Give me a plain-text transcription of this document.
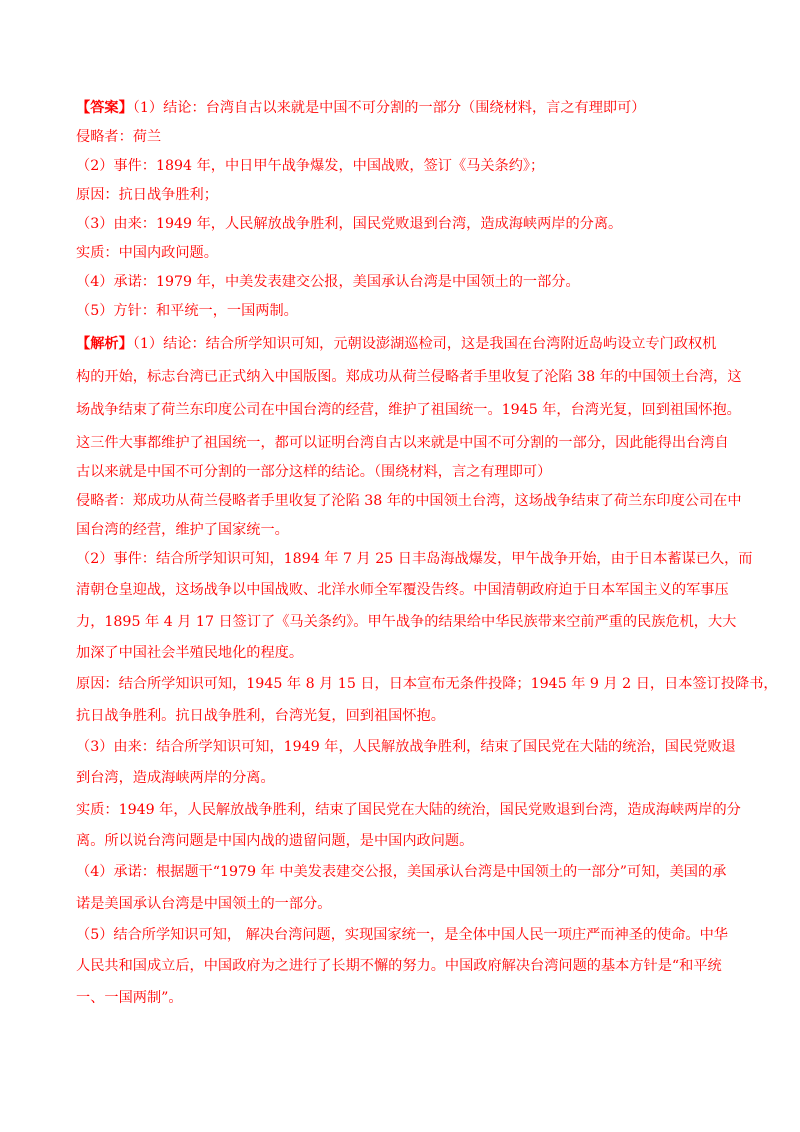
【答案】（1）结论：台湾自古以来就是中国不可分割的一部分（围绕材料，言之有理即可）
侵略者：荷兰
（2）事件：1894 年，中日甲午战争爆发，中国战败，签订《马关条约》；
原因：抗日战争胜利；
（3）由来：1949 年，人民解放战争胜利，国民党败退到台湾，造成海峡两岸的分离。
实质：中国内政问题。
（4）承诺：1979 年，中美发表建交公报，美国承认台湾是中国领土的一部分。
（5）方针：和平统一，一国两制。
【解析】（1）结论：结合所学知识可知，元朝设澎湖巡检司，这是我国在台湾附近岛屿设立专门政权机
构的开始，标志台湾已正式纳入中国版图。郑成功从荷兰侵略者手里收复了沦陷 38 年的中国领土台湾，这
场战争结束了荷兰东印度公司在中国台湾的经营，维护了祖国统一。1945 年，台湾光复，回到祖国怀抱。
这三件大事都维护了祖国统一，都可以证明台湾自古以来就是中国不可分割的一部分，因此能得出台湾自
古以来就是中国不可分割的一部分这样的结论。（围绕材料，言之有理即可）
侵略者：郑成功从荷兰侵略者手里收复了沦陷 38 年的中国领土台湾，这场战争结束了荷兰东印度公司在中
国台湾的经营，维护了国家统一。
（2）事件：结合所学知识可知，1894 年 7 月 25 日丰岛海战爆发，甲午战争开始，由于日本蓄谋已久，而
清朝仓皇迎战，这场战争以中国战败、北洋水师全军覆没告终。中国清朝政府迫于日本军国主义的军事压
力，1895 年 4 月 17 日签订了《马关条约》。甲午战争的结果给中华民族带来空前严重的民族危机，大大
加深了中国社会半殖民地化的程度。
原因：结合所学知识可知，1945 年 8 月 15 日，日本宣布无条件投降；1945 年 9 月 2 日，日本签订投降书，
抗日战争胜利。抗日战争胜利，台湾光复，回到祖国怀抱。
（3）由来：结合所学知识可知，1949 年，人民解放战争胜利，结束了国民党在大陆的统治，国民党败退
到台湾，造成海峡两岸的分离。
实质：1949 年，人民解放战争胜利，结束了国民党在大陆的统治，国民党败退到台湾，造成海峡两岸的分
离。所以说台湾问题是中国内战的遗留问题，是中国内政问题。
（4）承诺：根据题干“1979 年 中美发表建交公报，美国承认台湾是中国领土的一部分”可知，美国的承
诺是美国承认台湾是中国领土的一部分。
（5）结合所学知识可知， 解决台湾问题，实现国家统一，是全体中国人民一项庄严而神圣的使命。中华
人民共和国成立后，中国政府为之进行了长期不懈的努力。中国政府解决台湾问题的基本方针是“和平统
一、一国两制”。
